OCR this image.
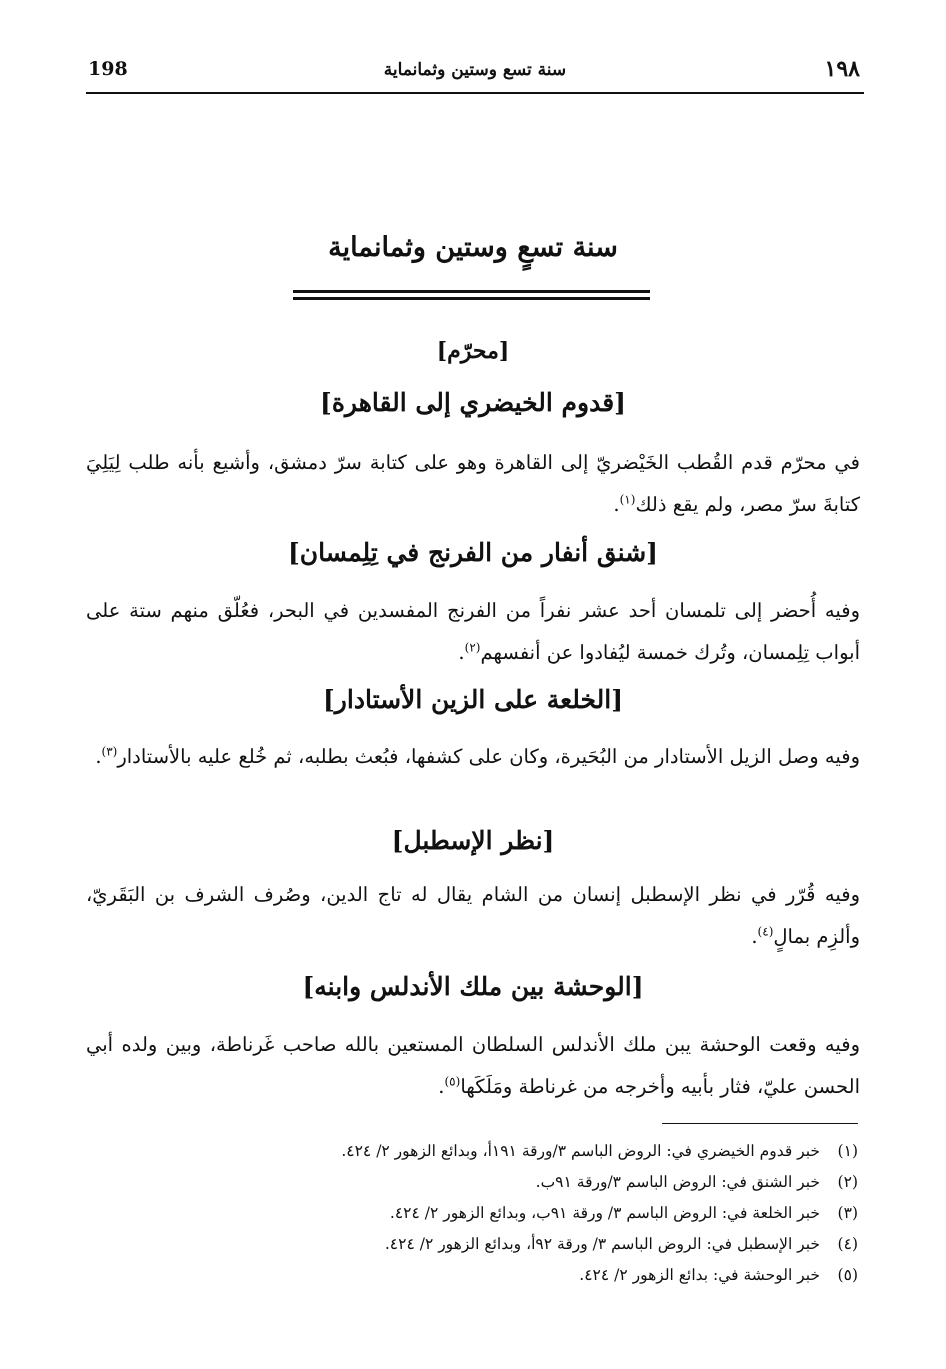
198	سنة تسع وستين وثمانماية	١٩٨
سنة تسعٍ وستين وثمانماية
[محرّم]
[قدوم الخيضري إلى القاهرة]
في محرّم قدم القُطب الخَيْضريّ إلى القاهرة وهو على كتابة سرّ دمشق، وأشيع بأنه طلب لِيَلِيَ كتابةَ سرّ مصر، ولم يقع ذلك$^{(١)}$.
[شنق أنفار من الفرنج في تِلِمسان]
وفيه أُحضر إلى تلمسان أحد عشر نفراً من الفرنج المفسدين في البحر، فعُلّق منهم ستة على أبواب تِلِمسان، وتُرك خمسة ليُفادوا عن أنفسهم$^{(٢)}$.
[الخلعة على الزين الأستادار]
وفيه وصل الزيل الأستادار من البُحَيرة، وكان على كشفها، فبُعث بطلبه، ثم خُلع عليه بالأستادار$^{(٣)}$.
[نظر الإسطبل]
وفيه قُرّر في نظر الإسطبل إنسان من الشام يقال له تاج الدين، وصُرف الشرف بن البَقَريّ، وألزِم بمالٍ$^{(٤)}$.
[الوحشة بين ملك الأندلس وابنه]
وفيه وقعت الوحشة يبن ملك الأندلس السلطان المستعين بالله صاحب غَرناطة، وبين ولده أبي الحسن عليّ، فثار بأبيه وأخرجه من غرناطة ومَلَكَها$^{(٥)}$.
(١)خبر قدوم الخيضري في: الروض الباسم ٣/ورقة ١٩١أ، وبدائع الزهور ٢/ ٤٢٤.
(٢)خبر الشنق في: الروض الباسم ٣/ورقة ٩١ب.
(٣)خبر الخلعة في: الروض الباسم ٣/ ورقة ٩١ب، وبدائع الزهور ٢/ ٤٢٤.
(٤)خبر الإسطبل في: الروض الباسم ٣/ ورقة ٩٢أ، وبدائع الزهور ٢/ ٤٢٤.
(٥)خبر الوحشة في: بدائع الزهور ٢/ ٤٢٤.
